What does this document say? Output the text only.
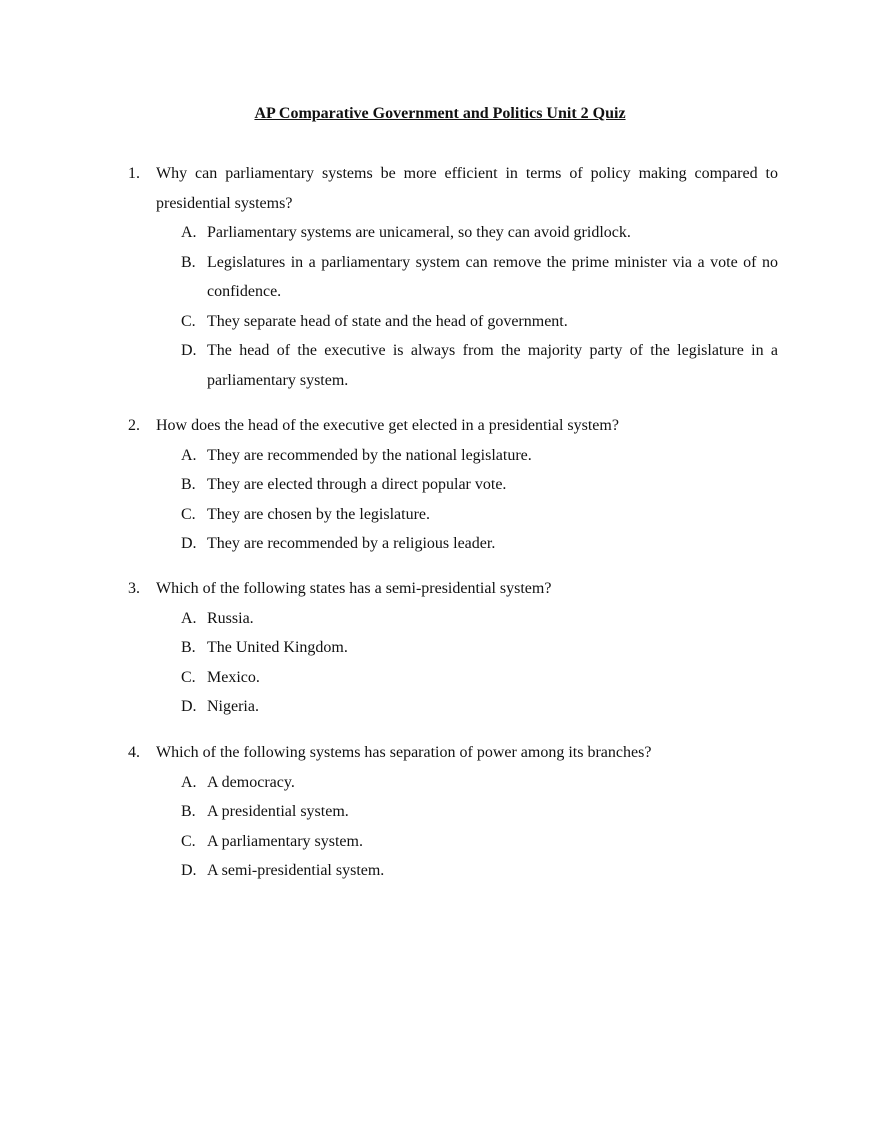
AP Comparative Government and Politics Unit 2 Quiz
1. Why can parliamentary systems be more efficient in terms of policy making compared to presidential systems?
A. Parliamentary systems are unicameral, so they can avoid gridlock.
B. Legislatures in a parliamentary system can remove the prime minister via a vote of no confidence.
C. They separate head of state and the head of government.
D. The head of the executive is always from the majority party of the legislature in a parliamentary system.
2. How does the head of the executive get elected in a presidential system?
A. They are recommended by the national legislature.
B. They are elected through a direct popular vote.
C. They are chosen by the legislature.
D. They are recommended by a religious leader.
3. Which of the following states has a semi-presidential system?
A. Russia.
B. The United Kingdom.
C. Mexico.
D. Nigeria.
4. Which of the following systems has separation of power among its branches?
A. A democracy.
B. A presidential system.
C. A parliamentary system.
D. A semi-presidential system.
